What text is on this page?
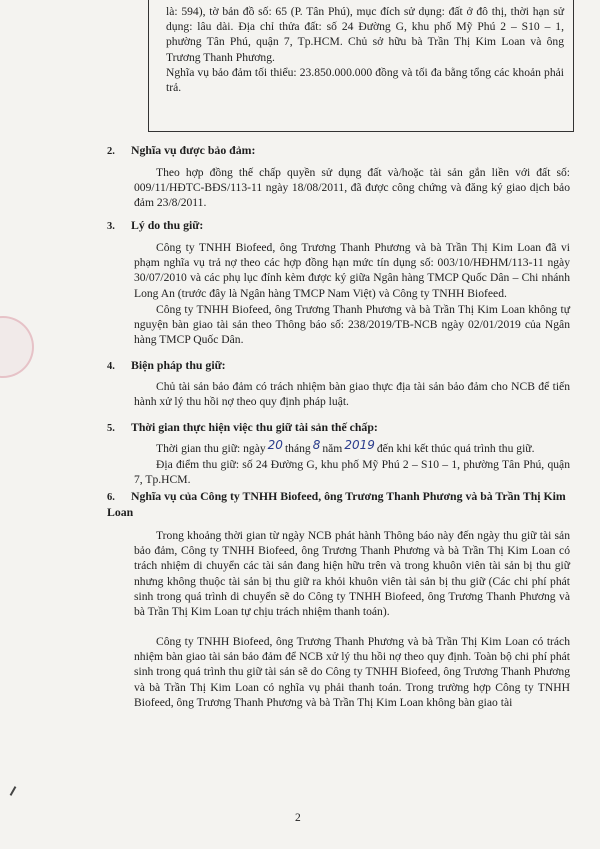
là: 594), tờ bản đồ số: 65 (P. Tân Phú), mục đích sử dụng: đất ở đô thị, thời hạn sử dụng: lâu dài. Địa chỉ thửa đất: số 24 Đường G, khu phố Mỹ Phú 2 – S10 – 1, phường Tân Phú, quận 7, Tp.HCM. Chủ sở hữu bà Trần Thị Kim Loan và ông Trương Thanh Phương.

Nghĩa vụ bảo đảm tối thiểu: 23.850.000.000 đồng và tối đa bằng tổng các khoản phải trả.

2. Nghĩa vụ được bảo đảm:
Theo hợp đồng thế chấp quyền sử dụng đất và/hoặc tài sản gắn liền với đất số: 009/11/HĐTC-BĐS/113-11 ngày 18/08/2011, đã được công chứng và đăng ký giao dịch bảo đảm 23/8/2011.
3. Lý do thu giữ:
Công ty TNHH Biofeed, ông Trương Thanh Phương và bà Trần Thị Kim Loan đã vi phạm nghĩa vụ trả nợ theo các hợp đồng hạn mức tín dụng số: 003/10/HĐHM/113-11 ngày 30/07/2010 và các phụ lục đính kèm được ký giữa Ngân hàng TMCP Quốc Dân – Chi nhánh Long An (trước đây là Ngân hàng TMCP Nam Việt) và Công ty TNHH Biofeed.
Công ty TNHH Biofeed, ông Trương Thanh Phương và bà Trần Thị Kim Loan không tự nguyện bàn giao tài sản theo Thông báo số: 238/2019/TB-NCB ngày 02/01/2019 của Ngân hàng TMCP Quốc Dân.
4. Biện pháp thu giữ:
Chủ tài sản bảo đảm có trách nhiệm bàn giao thực địa tài sản bảo đảm cho NCB để tiến hành xử lý thu hồi nợ theo quy định pháp luật.
5. Thời gian thực hiện việc thu giữ tài sản thế chấp:
Thời gian thu giữ: ngày 20 tháng 8 năm 2019 đến khi kết thúc quá trình thu giữ.
Địa điểm thu giữ: số 24 Đường G, khu phố Mỹ Phú 2 – S10 – 1, phường Tân Phú, quận 7, Tp.HCM.
6. Nghĩa vụ của Công ty TNHH Biofeed, ông Trương Thanh Phương và bà Trần Thị Kim Loan
Trong khoảng thời gian từ ngày NCB phát hành Thông báo này đến ngày thu giữ tài sản bảo đảm, Công ty TNHH Biofeed, ông Trương Thanh Phương và bà Trần Thị Kim Loan có trách nhiệm di chuyển các tài sản đang hiện hữu trên và trong khuôn viên tài sản bị thu giữ nhưng không thuộc tài sản bị thu giữ ra khỏi khuôn viên tài sản bị thu giữ (Các chi phí phát sinh trong quá trình di chuyển sẽ do Công ty TNHH Biofeed, ông Trương Thanh Phương và bà Trần Thị Kim Loan tự chịu trách nhiệm thanh toán).
Công ty TNHH Biofeed, ông Trương Thanh Phương và bà Trần Thị Kim Loan có trách nhiệm bàn giao tài sản bảo đảm để NCB xử lý thu hồi nợ theo quy định. Toàn bộ chi phí phát sinh trong quá trình thu giữ tài sản sẽ do Công ty TNHH Biofeed, ông Trương Thanh Phương và bà Trần Thị Kim Loan có nghĩa vụ phải thanh toán. Trong trường hợp Công ty TNHH Biofeed, ông Trương Thanh Phương và bà Trần Thị Kim Loan không bàn giao tài
2
